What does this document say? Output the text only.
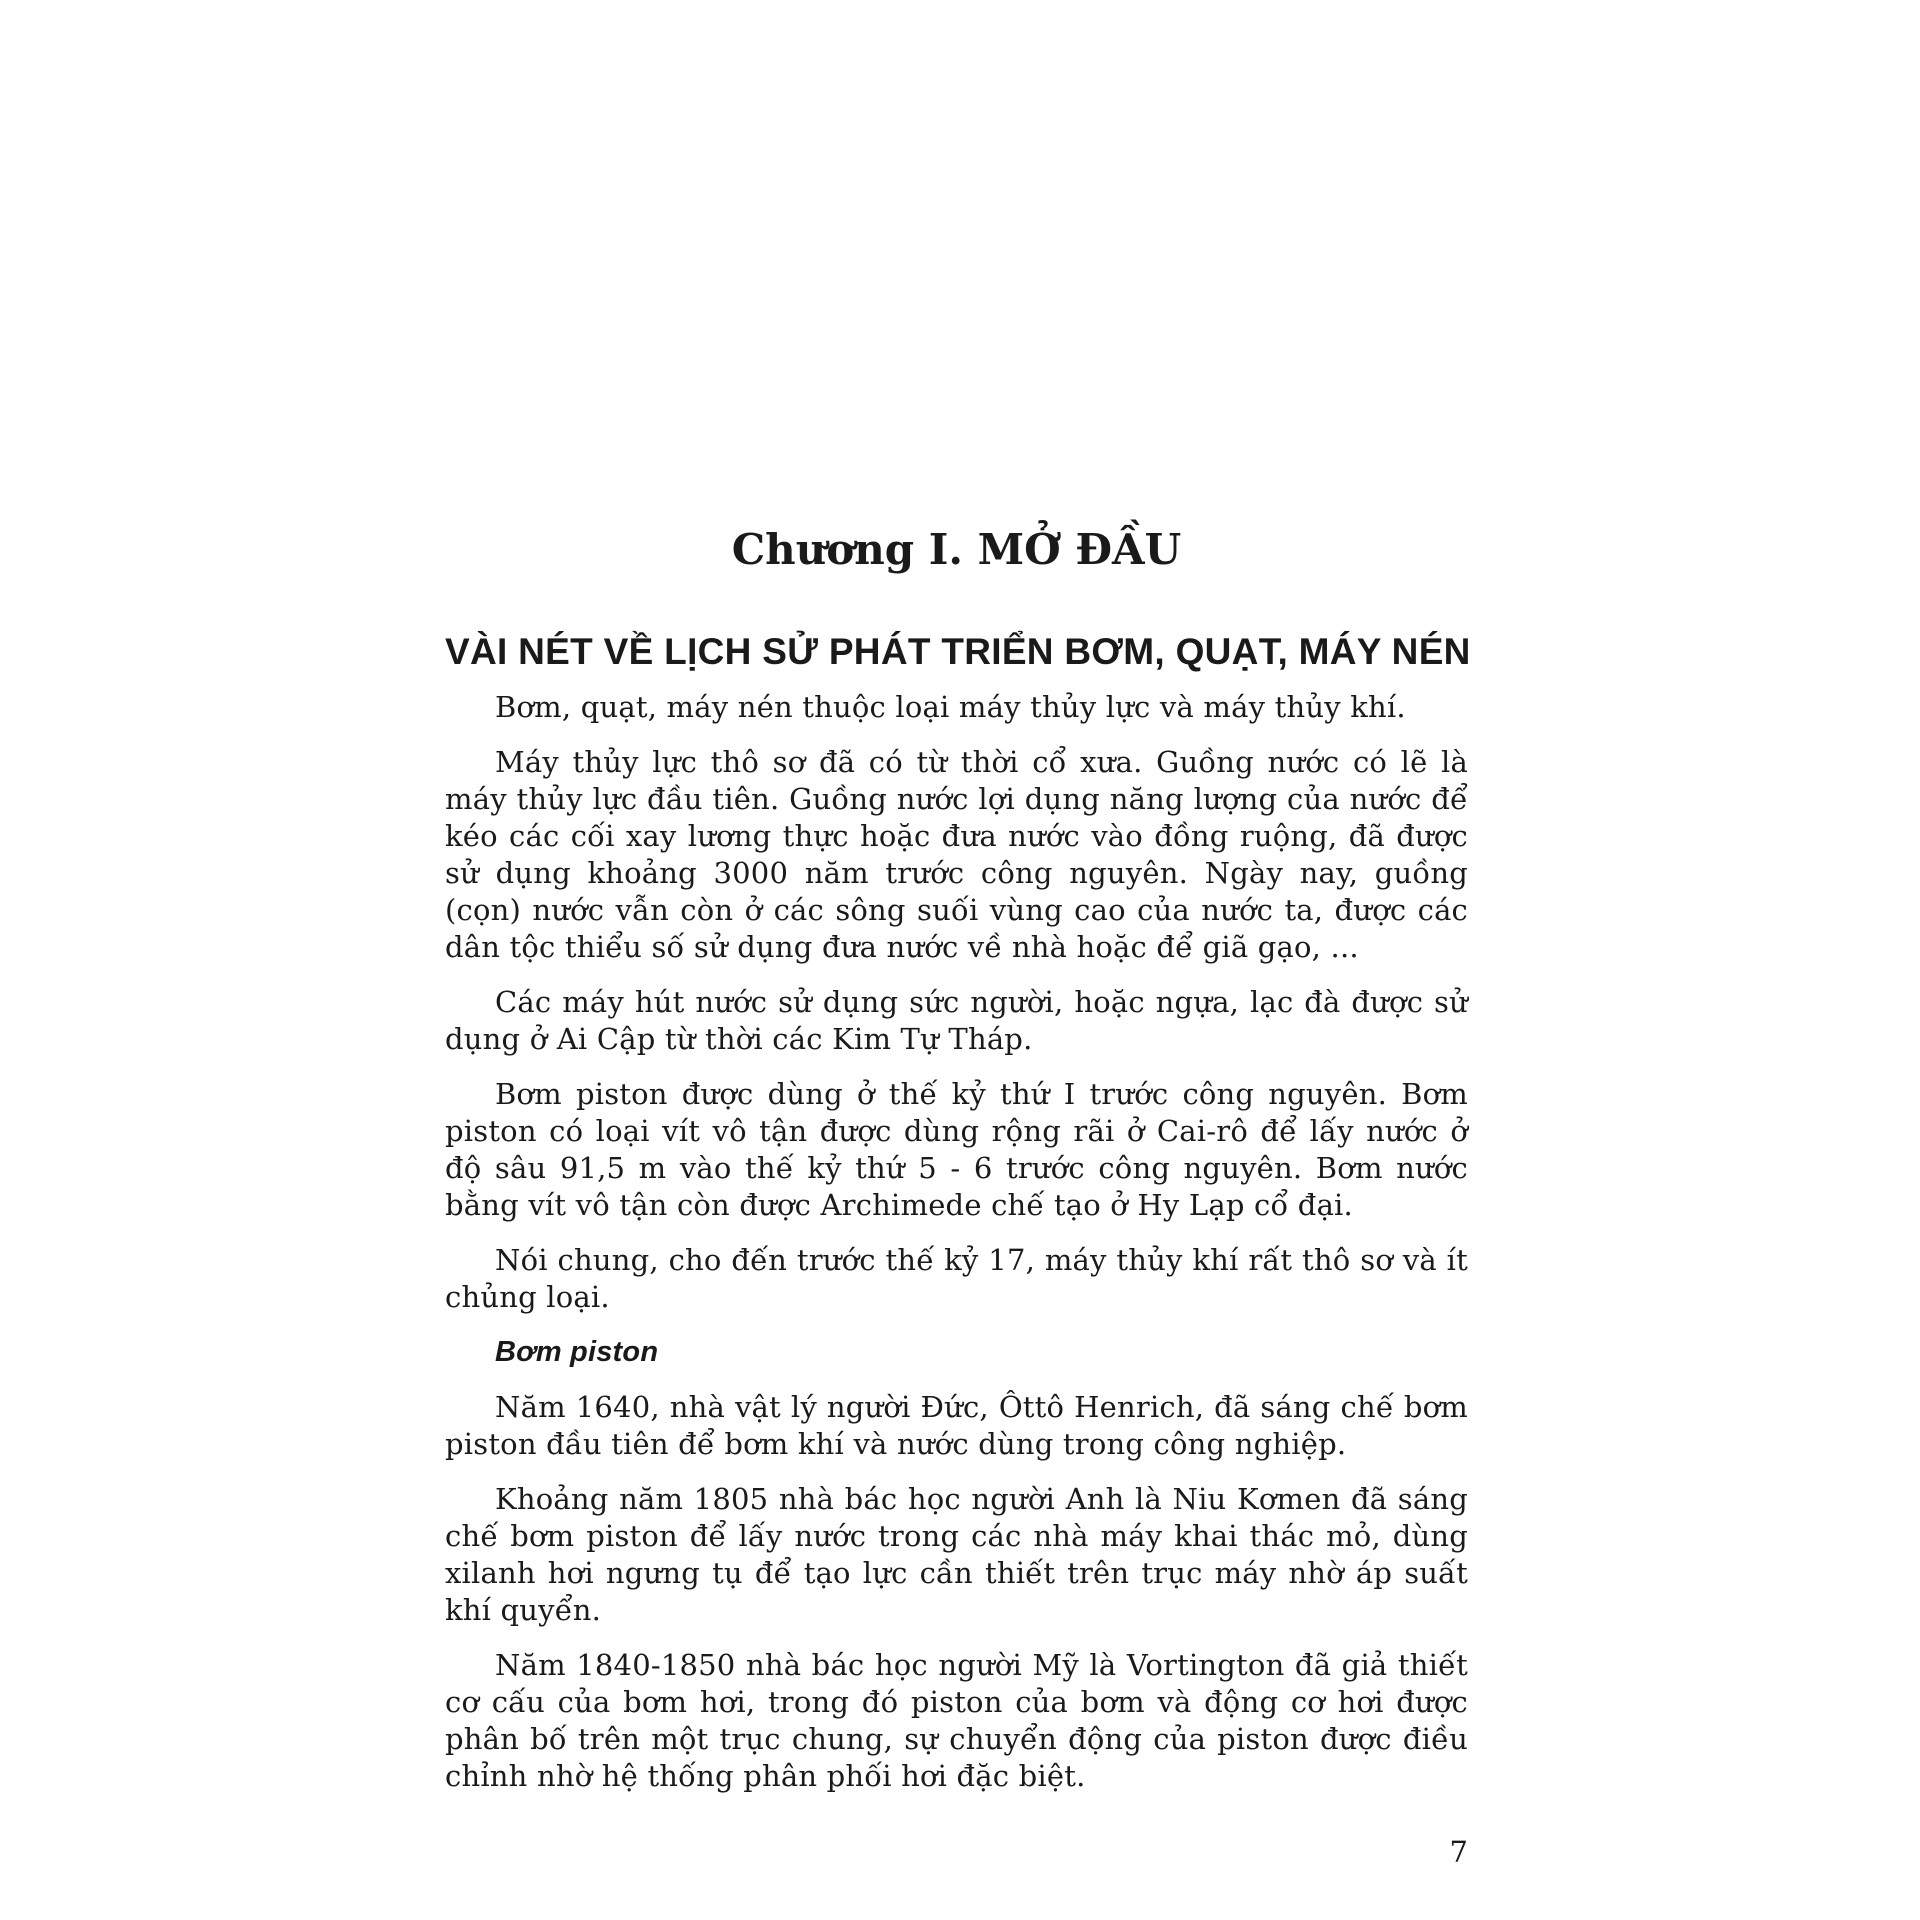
Chương I. MỞ ĐẦU
VÀI NÉT VỀ LỊCH SỬ PHÁT TRIỂN BƠM, QUẠT, MÁY NÉN

Bơm, quạt, máy nén thuộc loại máy thủy lực và máy thủy khí.

Máy thủy lực thô sơ đã có từ thời cổ xưa. Guồng nước có lẽ là máy thủy lực đầu tiên. Guồng nước lợi dụng năng lượng của nước để kéo các cối xay lương thực hoặc đưa nước vào đồng ruộng, đã được sử dụng khoảng 3000 năm trước công nguyên. Ngày nay, guồng (cọn) nước vẫn còn ở các sông suối vùng cao của nước ta, được các dân tộc thiểu số sử dụng đưa nước về nhà hoặc để giã gạo, ...

Các máy hút nước sử dụng sức người, hoặc ngựa, lạc đà được sử dụng ở Ai Cập từ thời các Kim Tự Tháp.

Bơm piston được dùng ở thế kỷ thứ I trước công nguyên. Bơm piston có loại vít vô tận được dùng rộng rãi ở Cai-rô để lấy nước ở độ sâu 91,5 m vào thế kỷ thứ 5 - 6 trước công nguyên. Bơm nước bằng vít vô tận còn được Archimede chế tạo ở Hy Lạp cổ đại.

Nói chung, cho đến trước thế kỷ 17, máy thủy khí rất thô sơ và ít chủng loại.

Bơm piston

Năm 1640, nhà vật lý người Đức, Ôttô Henrich, đã sáng chế bơm piston đầu tiên để bơm khí và nước dùng trong công nghiệp.

Khoảng năm 1805 nhà bác học người Anh là Niu Kơmen đã sáng chế bơm piston để lấy nước trong các nhà máy khai thác mỏ, dùng xilanh hơi ngưng tụ để tạo lực cần thiết trên trục máy nhờ áp suất khí quyển.

Năm 1840-1850 nhà bác học người Mỹ là Vortington đã giả thiết cơ cấu của bơm hơi, trong đó piston của bơm và động cơ hơi được phân bố trên một trục chung, sự chuyển động của piston được điều chỉnh nhờ hệ thống phân phối hơi đặc biệt.

7
